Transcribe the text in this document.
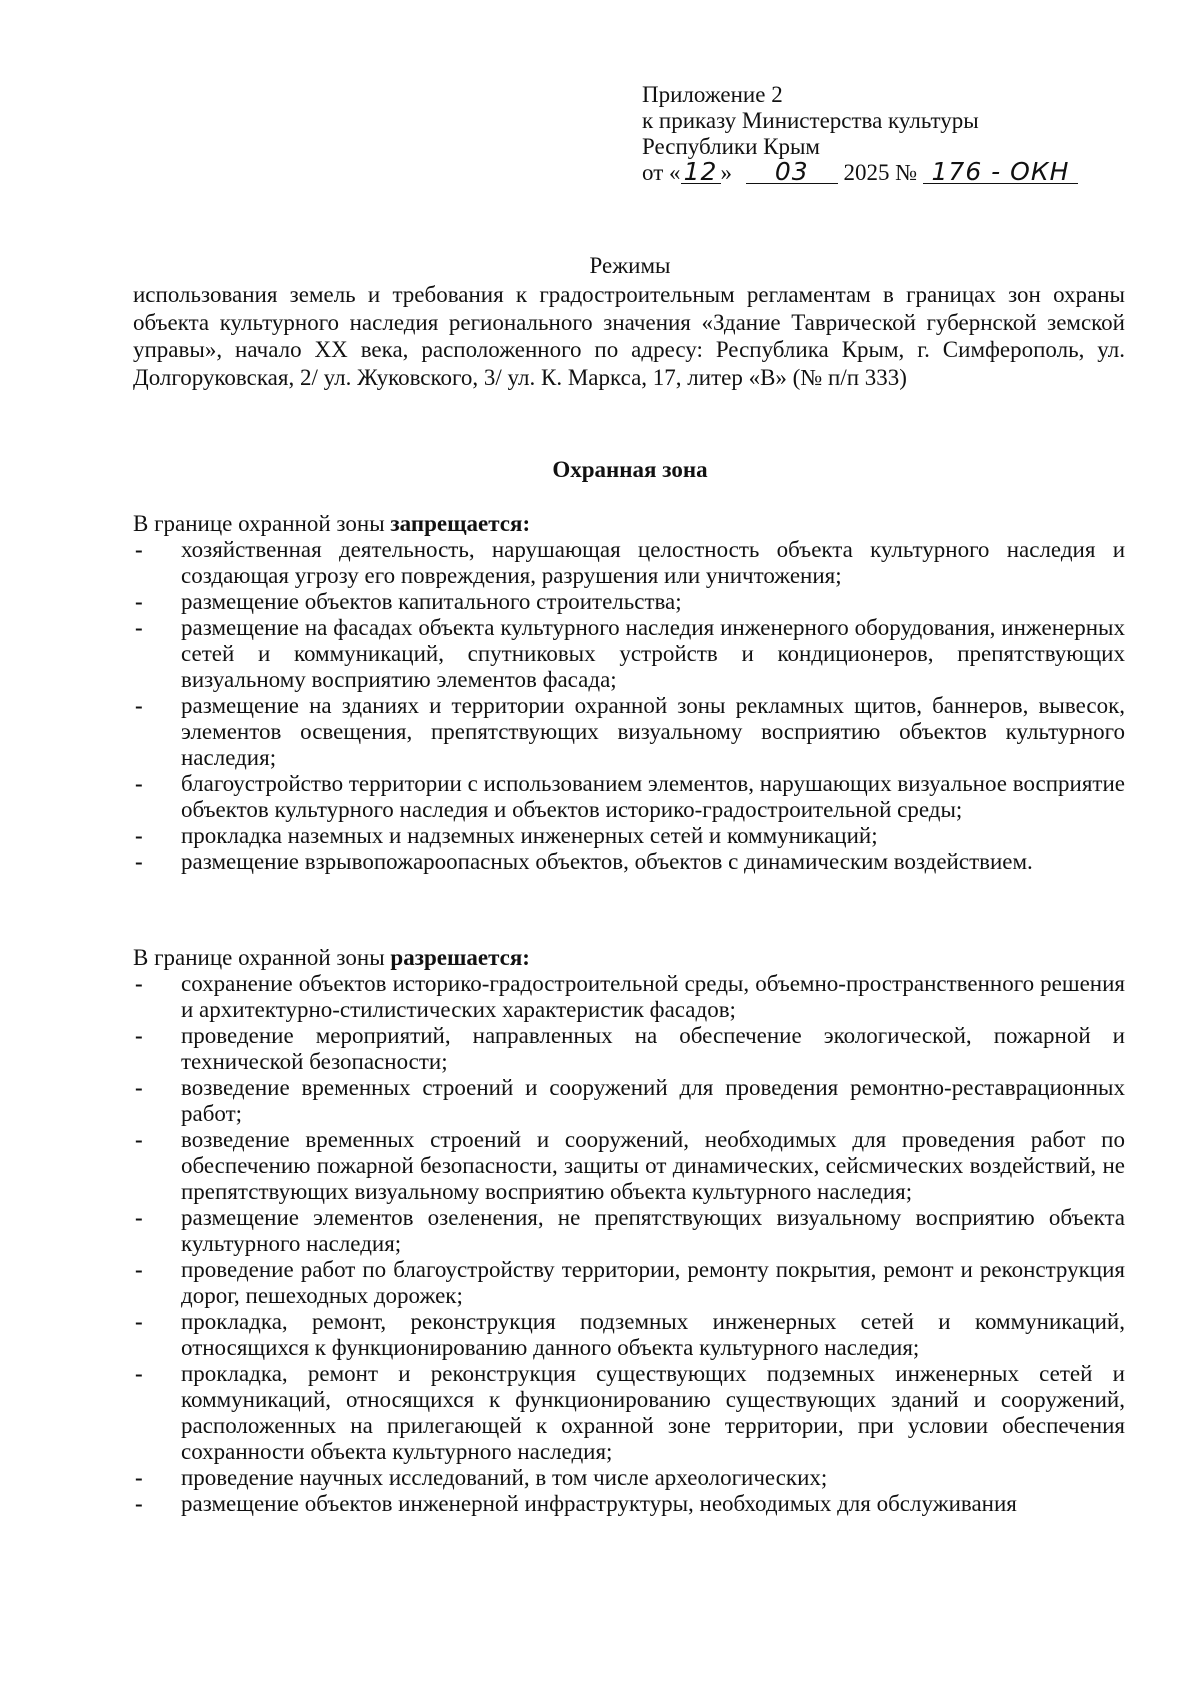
Приложение 2
к приказу Министерства культуры
Республики Крым
от « 12 » 03 2025 № 176 - ОКН
Режимы
использования земель и требования к градостроительным регламентам в границах зон охраны объекта культурного наследия регионального значения «Здание Таврической губернской земской управы», начало ХХ века, расположенного по адресу: Республика Крым, г. Симферополь, ул. Долгоруковская, 2/ ул. Жуковского, 3/ ул. К. Маркса, 17, литер «В» (№ п/п 333)
Охранная зона
В границе охранной зоны запрещается:
- хозяйственная деятельность, нарушающая целостность объекта культурного наследия и создающая угрозу его повреждения, разрушения или уничтожения;
- размещение объектов капитального строительства;
- размещение на фасадах объекта культурного наследия инженерного оборудования, инженерных сетей и коммуникаций, спутниковых устройств и кондиционеров, препятствующих визуальному восприятию элементов фасада;
- размещение на зданиях и территории охранной зоны рекламных щитов, баннеров, вывесок, элементов освещения, препятствующих визуальному восприятию объектов культурного наследия;
- благоустройство территории с использованием элементов, нарушающих визуальное восприятие объектов культурного наследия и объектов историко-градостроительной среды;
- прокладка наземных и надземных инженерных сетей и коммуникаций;
- размещение взрывопожароопасных объектов, объектов с динамическим воздействием.
В границе охранной зоны разрешается:
- сохранение объектов историко-градостроительной среды, объемно-пространственного решения и архитектурно-стилистических характеристик фасадов;
- проведение мероприятий, направленных на обеспечение экологической, пожарной и технической безопасности;
- возведение временных строений и сооружений для проведения ремонтно-реставрационных работ;
- возведение временных строений и сооружений, необходимых для проведения работ по обеспечению пожарной безопасности, защиты от динамических, сейсмических воздействий, не препятствующих визуальному восприятию объекта культурного наследия;
- размещение элементов озеленения, не препятствующих визуальному восприятию объекта культурного наследия;
- проведение работ по благоустройству территории, ремонту покрытия, ремонт и реконструкция дорог, пешеходных дорожек;
- прокладка, ремонт, реконструкция подземных инженерных сетей и коммуникаций, относящихся к функционированию данного объекта культурного наследия;
- прокладка, ремонт и реконструкция существующих подземных инженерных сетей и коммуникаций, относящихся к функционированию существующих зданий и сооружений, расположенных на прилегающей к охранной зоне территории, при условии обеспечения сохранности объекта культурного наследия;
- проведение научных исследований, в том числе археологических;
- размещение объектов инженерной инфраструктуры, необходимых для обслуживания
